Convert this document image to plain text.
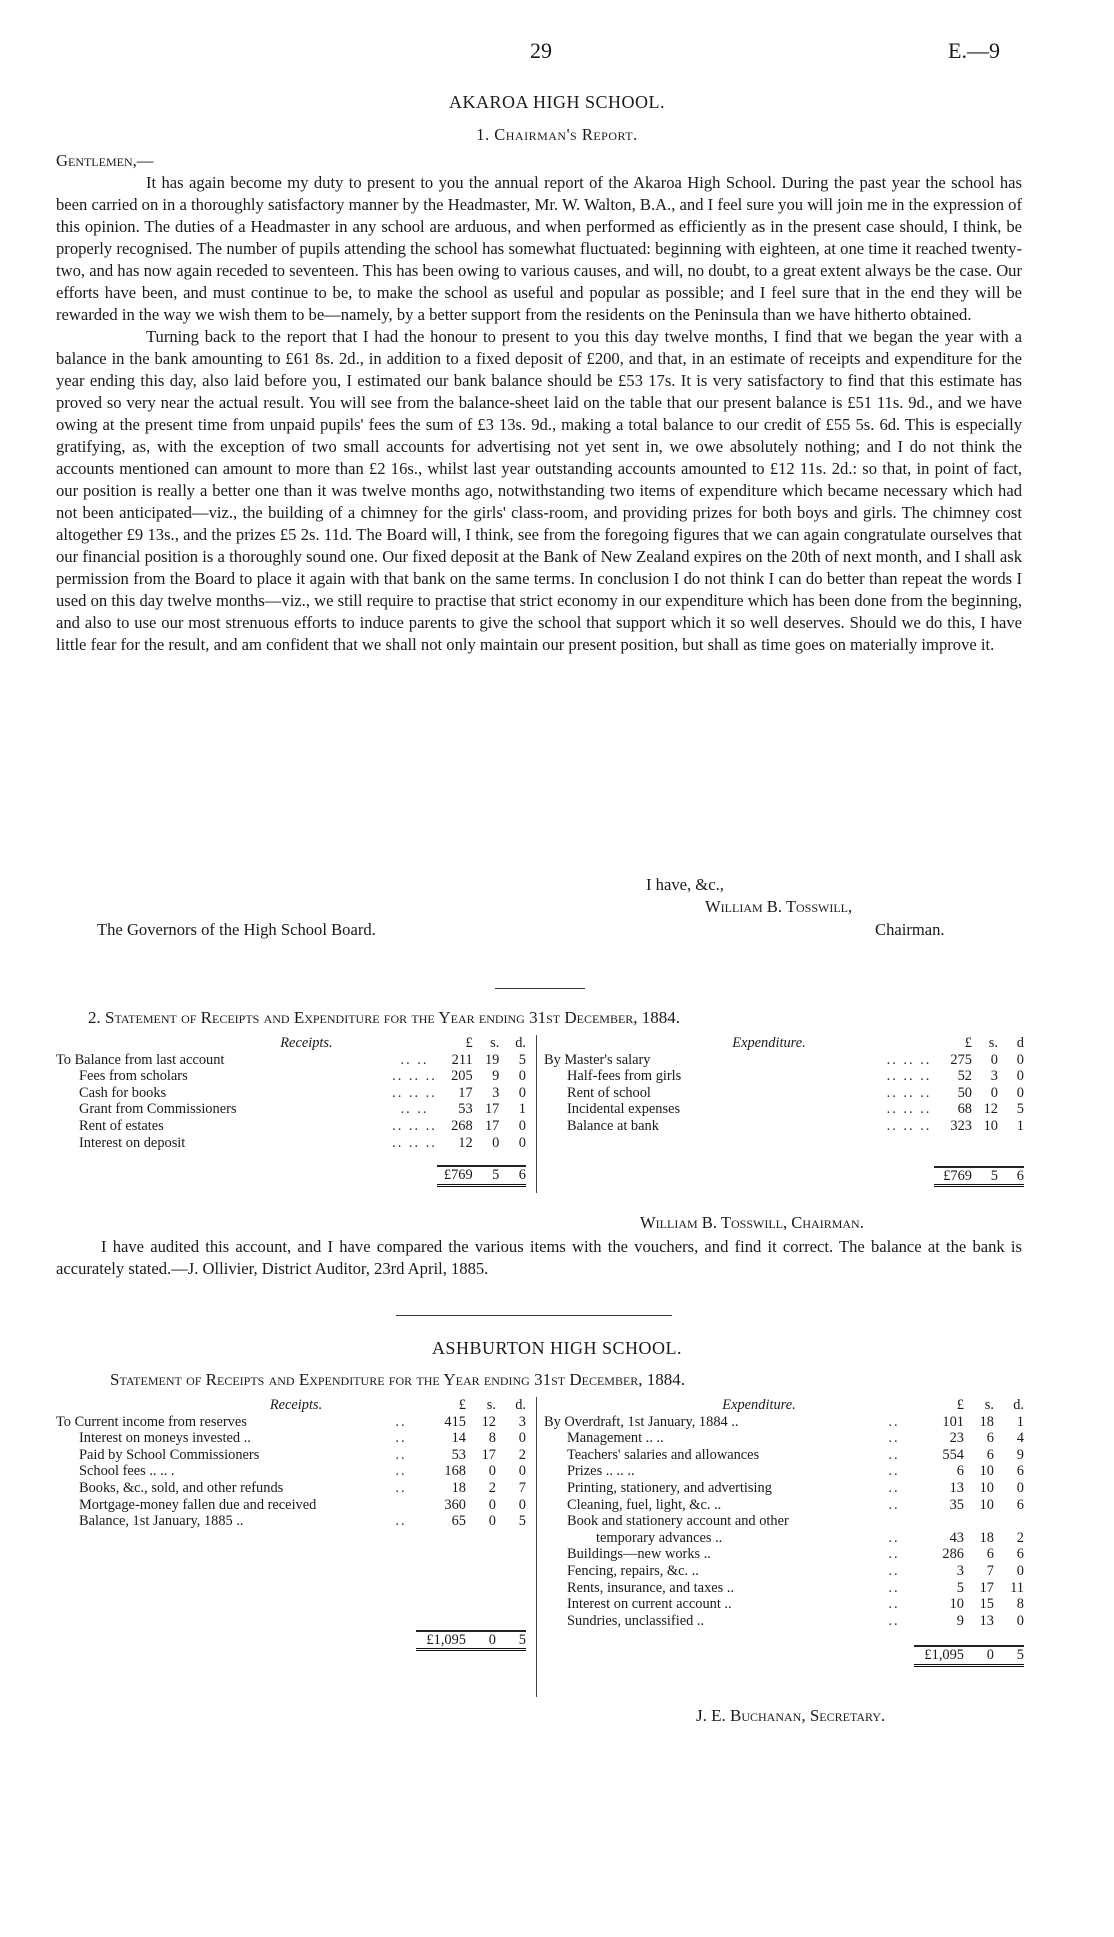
29	E.—9
AKAROA HIGH SCHOOL.
1. Chairman's Report.

Gentlemen,—

It has again become my duty to present to you the annual report of the Akaroa High School. During the past year the school has been carried on in a thoroughly satisfactory manner by the Headmaster, Mr. W. Walton, B.A., and I feel sure you will join me in the expression of this opinion. The duties of a Headmaster in any school are arduous, and when performed as efficiently as in the present case should, I think, be properly recognised. The number of pupils attending the school has somewhat fluctuated: beginning with eighteen, at one time it reached twenty-two, and has now again receded to seventeen. This has been owing to various causes, and will, no doubt, to a great extent always be the case. Our efforts have been, and must continue to be, to make the school as useful and popular as possible; and I feel sure that in the end they will be rewarded in the way we wish them to be—namely, by a better support from the residents on the Peninsula than we have hitherto obtained.

Turning back to the report that I had the honour to present to you this day twelve months, I find that we began the year with a balance in the bank amounting to £61 8s. 2d., in addition to a fixed deposit of £200, and that, in an estimate of receipts and expenditure for the year ending this day, also laid before you, I estimated our bank balance should be £53 17s. It is very satisfactory to find that this estimate has proved so very near the actual result. You will see from the balance-sheet laid on the table that our present balance is £51 11s. 9d., and we have owing at the present time from unpaid pupils' fees the sum of £3 13s. 9d., making a total balance to our credit of £55 5s. 6d. This is especially gratifying, as, with the exception of two small accounts for advertising not yet sent in, we owe absolutely nothing; and I do not think the accounts mentioned can amount to more than £2 16s., whilst last year outstanding accounts amounted to £12 11s. 2d.: so that, in point of fact, our position is really a better one than it was twelve months ago, notwithstanding two items of expenditure which became necessary which had not been anticipated—viz., the building of a chimney for the girls' class-room, and providing prizes for both boys and girls. The chimney cost altogether £9 13s., and the prizes £5 2s. 11d. The Board will, I think, see from the foregoing figures that we can again congratulate ourselves that our financial position is a thoroughly sound one. Our fixed deposit at the Bank of New Zealand expires on the 20th of next month, and I shall ask permission from the Board to place it again with that bank on the same terms. In conclusion I do not think I can do better than repeat the words I used on this day twelve months—viz., we still require to practise that strict economy in our expenditure which has been done from the beginning, and also to use our most strenuous efforts to induce parents to give the school that support which it so well deserves. Should we do this, I have little fear for the result, and am confident that we shall not only maintain our present position, but shall as time goes on materially improve it.

I have, &c.,
William B. Tosswill,
The Governors of the High School Board.	Chairman.
2. Statement of Receipts and Expenditure for the Year ending 31st December, 1884.
Receipts.		£	s.	d.
To Balance from last account	.. ..	211	19	5
Fees from scholars	.. .. ..	205	9	0
Cash for books	.. .. ..	17	3	0
Grant from Commissioners	.. ..	53	17	1
Rent of estates	.. .. ..	268	17	0
Interest on deposit	.. .. ..	12	0	0

		£769	5	6
Expenditure.		£	s.	d
By Master's salary	.. .. ..	275	0	0
Half-fees from girls	.. .. ..	52	3	0
Rent of school	.. .. ..	50	0	0
Incidental expenses	.. .. ..	68	12	5
Balance at bank	.. .. ..	323	10	1

		£769	5	6
William B. Tosswill, Chairman.

I have audited this account, and I have compared the various items with the vouchers, and find it correct. The balance at the bank is accurately stated.—J. Ollivier, District Auditor, 23rd April, 1885.

ASHBURTON HIGH SCHOOL.
Statement of Receipts and Expenditure for the Year ending 31st December, 1884.
Receipts.		£	s.	d.
To Current income from reserves	..	415	12	3
Interest on moneys invested ..	..	14	8	0
Paid by School Commissioners	..	53	17	2
School fees .. .. .	..	168	0	0
Books, &c., sold, and other refunds	..	18	2	7
Mortgage-money fallen due and received		360	0	0
Balance, 1st January, 1885 ..	..	65	0	5

		£1,095	0	5
Expenditure.		£	s.	d.
By Overdraft, 1st January, 1884 ..	..	101	18	1
Management .. ..	..	23	6	4
Teachers' salaries and allowances	..	554	6	9
Prizes .. .. ..	..	6	10	6
Printing, stationery, and advertising	..	13	10	0
Cleaning, fuel, light, &c. ..	..	35	10	6
Book and stationery account and other				
temporary advances ..	..	43	18	2
Buildings—new works ..	..	286	6	6
Fencing, repairs, &c. ..	..	3	7	0
Rents, insurance, and taxes ..	..	5	17	11
Interest on current account ..	..	10	15	8
Sundries, unclassified ..	..	9	13	0

		£1,095	0	5
J. E. Buchanan, Secretary.
